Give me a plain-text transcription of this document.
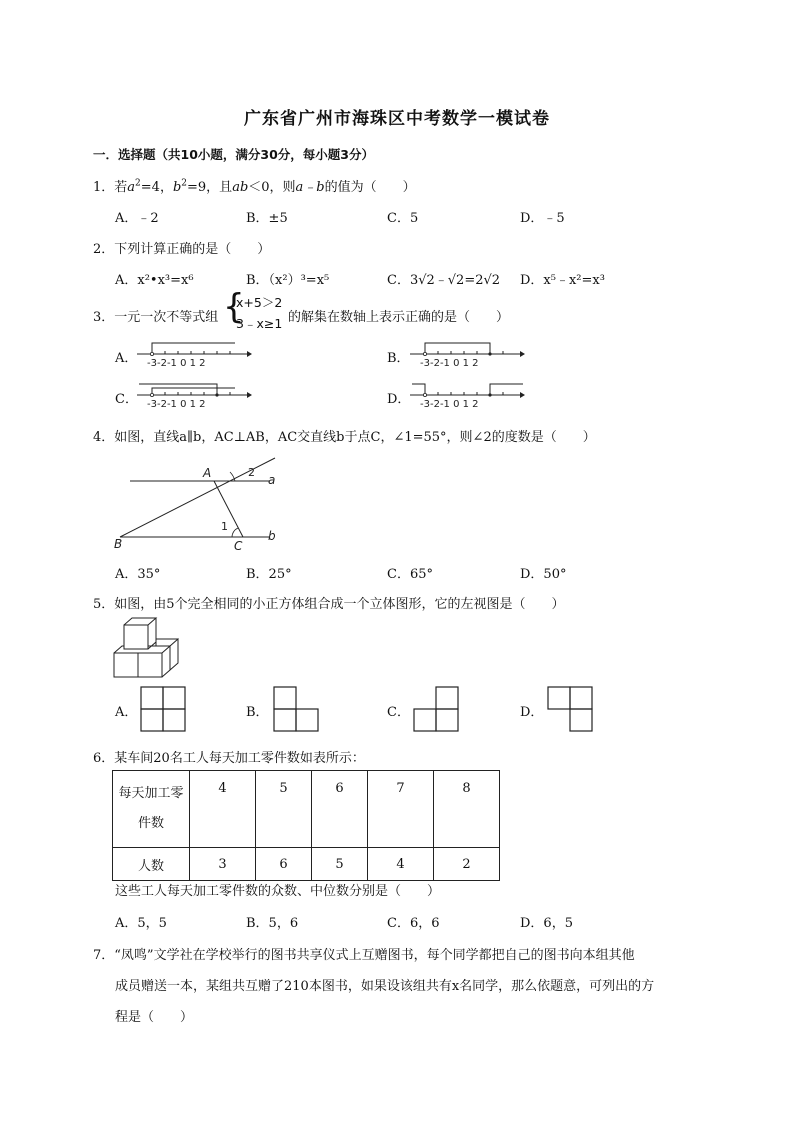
广东省广州市海珠区中考数学一模试卷
一．选择题（共10小题，满分30分，每小题3分）
1．若$a^2=4$，$b^2=9$，且ab＜0，则a﹣b的值为（　　）
A．﹣2	B．±5	C．5	D．﹣5
2．下列计算正确的是（　　）
A．x²•x³=x⁶	B．（x²）³=x⁵	C．3√2﹣√2=2√2 D．x⁵﹣x²=x³
3．一元一次不等式组 {
x+5＞2
3﹣x≥1 的解集在数轴上表示正确的是（　　）
A．	B．
C．	D．
-3-2-1 0 1 2	-3-2-1 0 1 2
-3-2-1 0 1 2	-3-2-1 0 1 2
4．如图，直线a∥b，AC⊥AB，AC交直线b于点C，∠1=55°，则∠2的度数是（　　）
A
B	C
a
b
1
2
A．35°	B．25°	C．65°	D．50°
5．如图，由5个完全相同的小正方体组合成一个立体图形，它的左视图是（　　）
A．	B．	C．	D．
6．某车间20名工人每天加工零件数如表所示：
每天加工零
件数	4	5	6	7	8
人数	3	6	5	4	2
这些工人每天加工零件数的众数、中位数分别是（　　）
A．5，5	B．5，6	C．6，6	D．6，5
7．“凤鸣”文学社在学校举行的图书共享仪式上互赠图书，每个同学都把自己的图书向本组其他
成员赠送一本，某组共互赠了210本图书，如果设该组共有x名同学，那么依题意，可列出的方
程是（　　）
